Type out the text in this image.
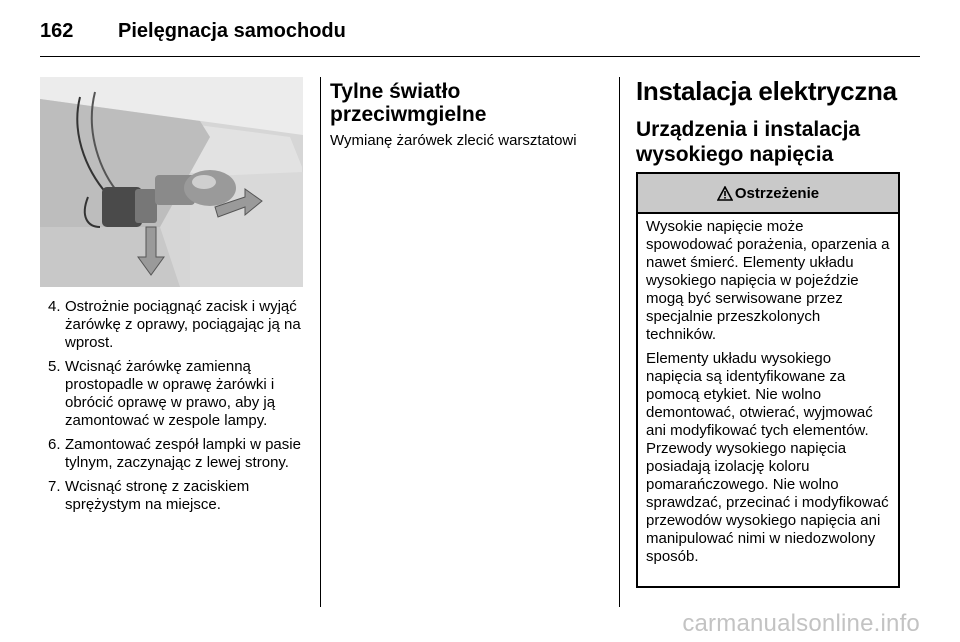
162	Pielęgnacja samochodu
4. Ostrożnie pociągnąć zacisk i wyjąć żarówkę z oprawy, pociągając ją na wprost.
5. Wcisnąć żarówkę zamienną prostopadle w oprawę żarówki i obrócić oprawę w prawo, aby ją zamontować w zespole lampy.
6. Zamontować zespół lampki w pasie tylnym, zaczynając z lewej strony.
7. Wcisnąć stronę z zaciskiem sprężystym na miejsce.
Tylne światło przeciwmgielne

Wymianę żarówek zlecić warsztatowi

Instalacja elektryczna
Urządzenia i instalacja wysokiego napięcia
Ostrzeżenie

Wysokie napięcie może spowodować porażenia, oparzenia a nawet śmierć. Elementy układu wysokiego napięcia w pojeździe mogą być serwisowane przez specjalnie przeszkolonych techników.

Elementy układu wysokiego napięcia są identyfikowane za pomocą etykiet. Nie wolno demontować, otwierać, wyjmować ani modyfikować tych elementów. Przewody wysokiego napięcia posiadają izolację koloru pomarańczowego. Nie wolno sprawdzać, przecinać i modyfikować przewodów wysokiego napięcia ani manipulować nimi w niedozwolony sposób.

carmanualsonline.info
